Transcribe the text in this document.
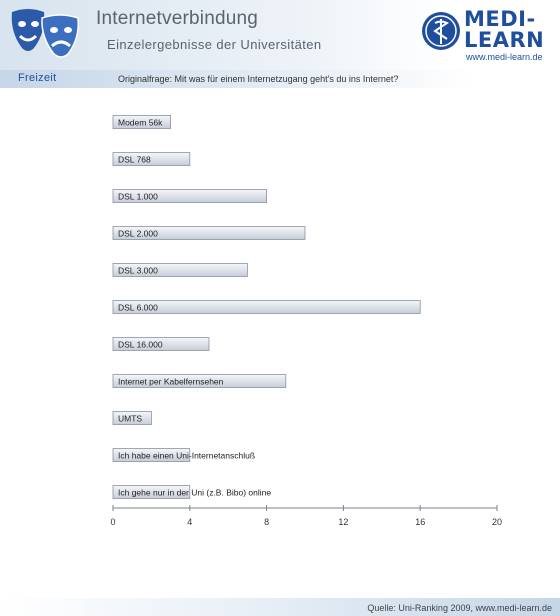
Internetverbindung
Einzelergebnisse der Universitäten
MEDI-
LEARN
www.medi-learn.de
Freizeit	Originalfrage: Mit was für einem Internetzugang geht's du ins Internet?
Modem 56k
DSL 768
DSL 1.000
DSL 2.000
DSL 3.000
DSL 6.000
DSL 16.000
Internet per Kabelfernsehen
UMTS
Ich habe einen Uni-Internetanschluß
Ich gehe nur in der Uni (z.B. Bibo) online
0	4	8	12	16	20
Quelle: Uni-Ranking 2009, www.medi-learn.de
